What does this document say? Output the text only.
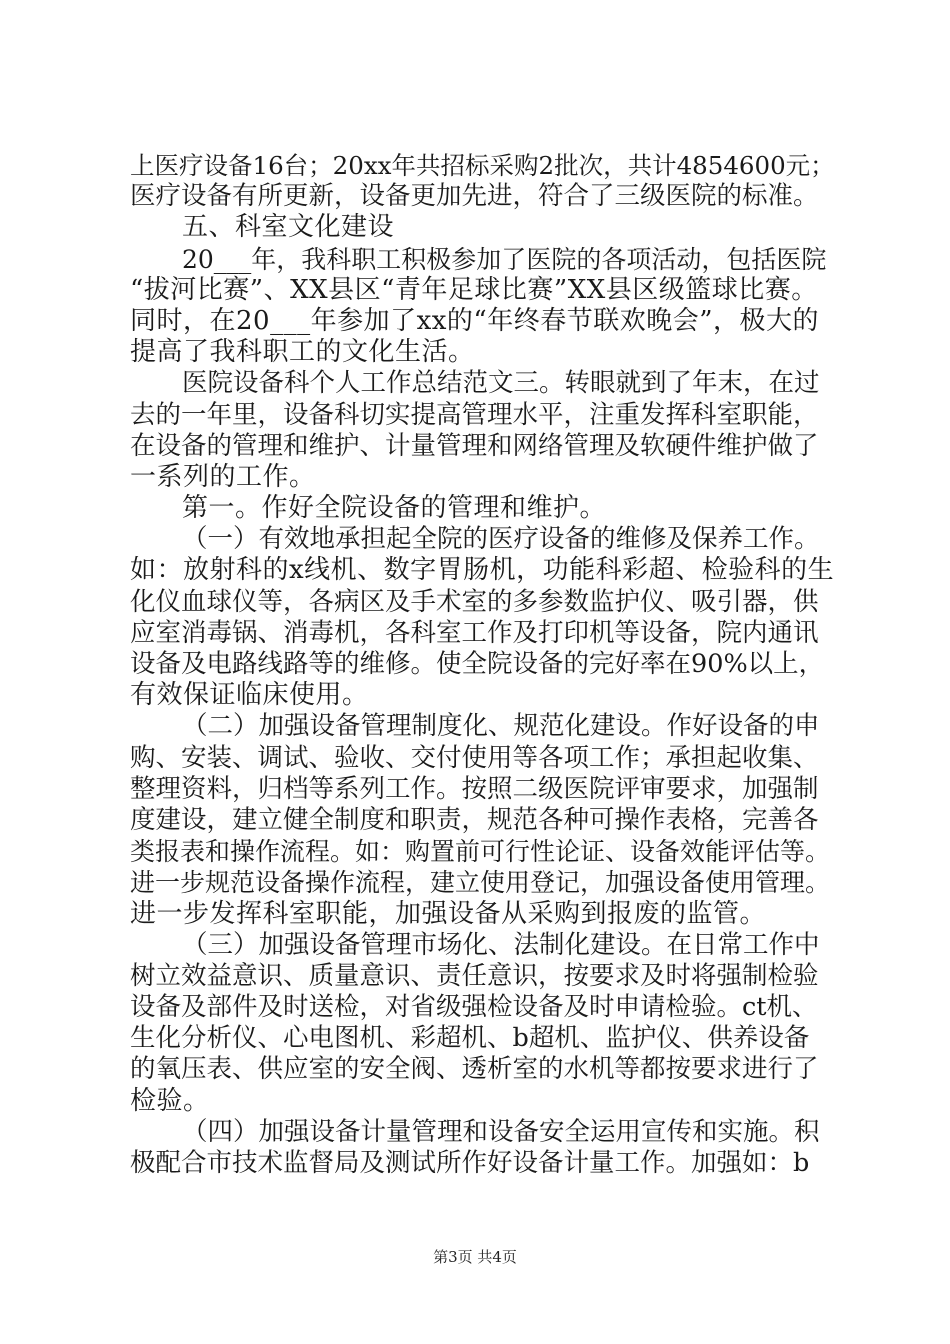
上医疗设备16台；20xx年共招标采购2批次，共计4854600元；
医疗设备有所更新，设备更加先进，符合了三级医院的标准。
五、科室文化建设
20___年，我科职工积极参加了医院的各项活动，包括医院
“拔河比赛”、XX县区“青年足球比赛”XX县区级篮球比赛。
同时，在20___年参加了xx的“年终春节联欢晚会”，极大的
提高了我科职工的文化生活。
医院设备科个人工作总结范文三。转眼就到了年末，在过
去的一年里，设备科切实提高管理水平，注重发挥科室职能，
在设备的管理和维护、计量管理和网络管理及软硬件维护做了
一系列的工作。
第一。作好全院设备的管理和维护。
（一）有效地承担起全院的医疗设备的维修及保养工作。
如：放射科的x线机、数字胃肠机，功能科彩超、检验科的生
化仪血球仪等，各病区及手术室的多参数监护仪、吸引器，供
应室消毒锅、消毒机，各科室工作及打印机等设备，院内通讯
设备及电路线路等的维修。使全院设备的完好率在90%以上，
有效保证临床使用。
（二）加强设备管理制度化、规范化建设。作好设备的申
购、安装、调试、验收、交付使用等各项工作；承担起收集、
整理资料，归档等系列工作。按照二级医院评审要求，加强制
度建设，建立健全制度和职责，规范各种可操作表格，完善各
类报表和操作流程。如：购置前可行性论证、设备效能评估等。
进一步规范设备操作流程，建立使用登记，加强设备使用管理。
进一步发挥科室职能，加强设备从采购到报废的监管。
（三）加强设备管理市场化、法制化建设。在日常工作中
树立效益意识、质量意识、责任意识，按要求及时将强制检验
设备及部件及时送检，对省级强检设备及时申请检验。ct机、
生化分析仪、心电图机、彩超机、b超机、监护仪、供养设备
的氧压表、供应室的安全阀、透析室的水机等都按要求进行了
检验。
（四）加强设备计量管理和设备安全运用宣传和实施。积
极配合市技术监督局及测试所作好设备计量工作。加强如：b
第3页 共4页
